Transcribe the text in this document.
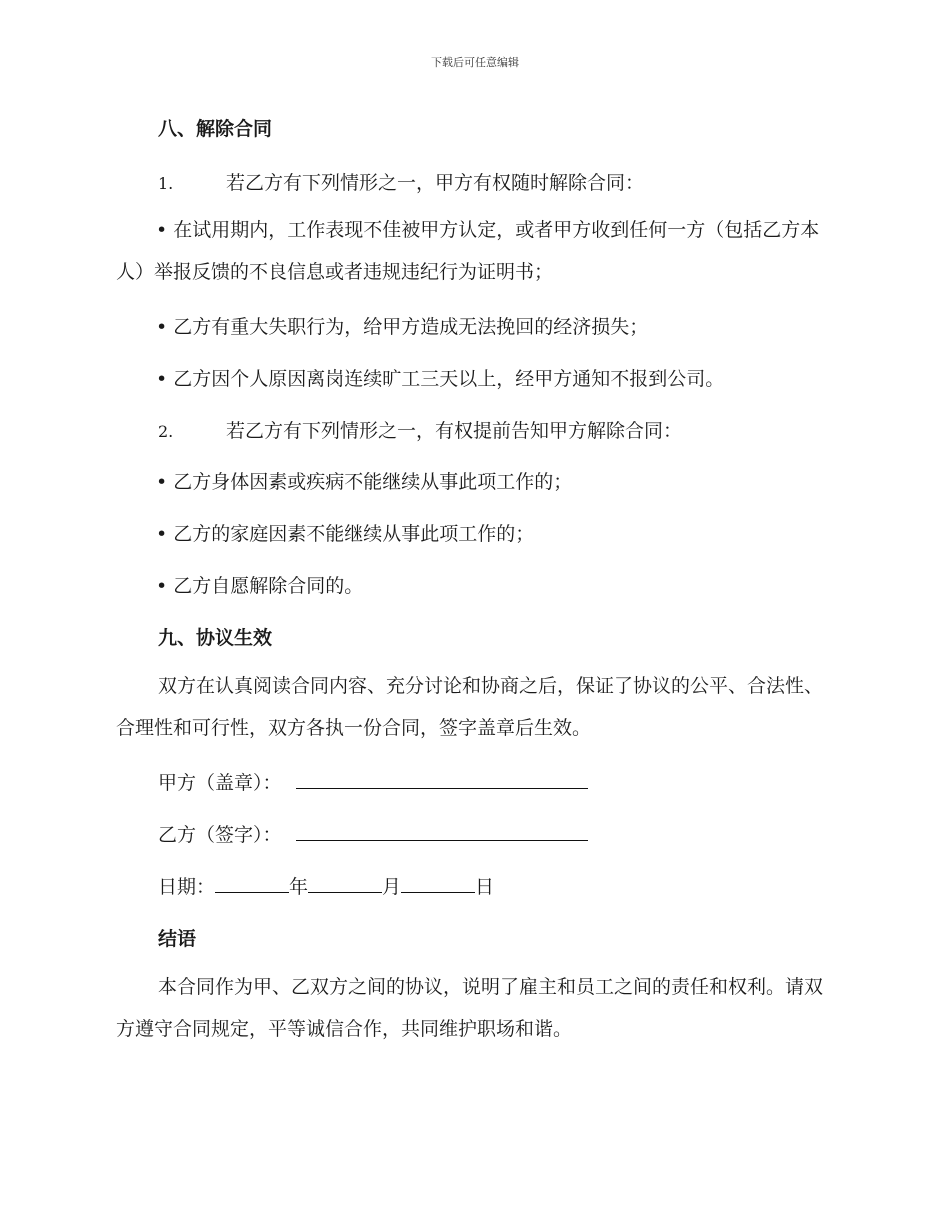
下载后可任意编辑
八、解除合同
1.	若乙方有下列情形之一，甲方有权随时解除合同：
• 在试用期内，工作表现不佳被甲方认定，或者甲方收到任何一方（包括乙方本人）举报反馈的不良信息或者违规违纪行为证明书；
• 乙方有重大失职行为，给甲方造成无法挽回的经济损失；
• 乙方因个人原因离岗连续旷工三天以上，经甲方通知不报到公司。
2.	若乙方有下列情形之一，有权提前告知甲方解除合同：
• 乙方身体因素或疾病不能继续从事此项工作的；
• 乙方的家庭因素不能继续从事此项工作的；
• 乙方自愿解除合同的。
九、协议生效
双方在认真阅读合同内容、充分讨论和协商之后，保证了协议的公平、合法性、合理性和可行性，双方各执一份合同，签字盖章后生效。
甲方（盖章）：
乙方（签字）：
日期：	年	月	日
结语
本合同作为甲、乙双方之间的协议，说明了雇主和员工之间的责任和权利。请双方遵守合同规定，平等诚信合作，共同维护职场和谐。
